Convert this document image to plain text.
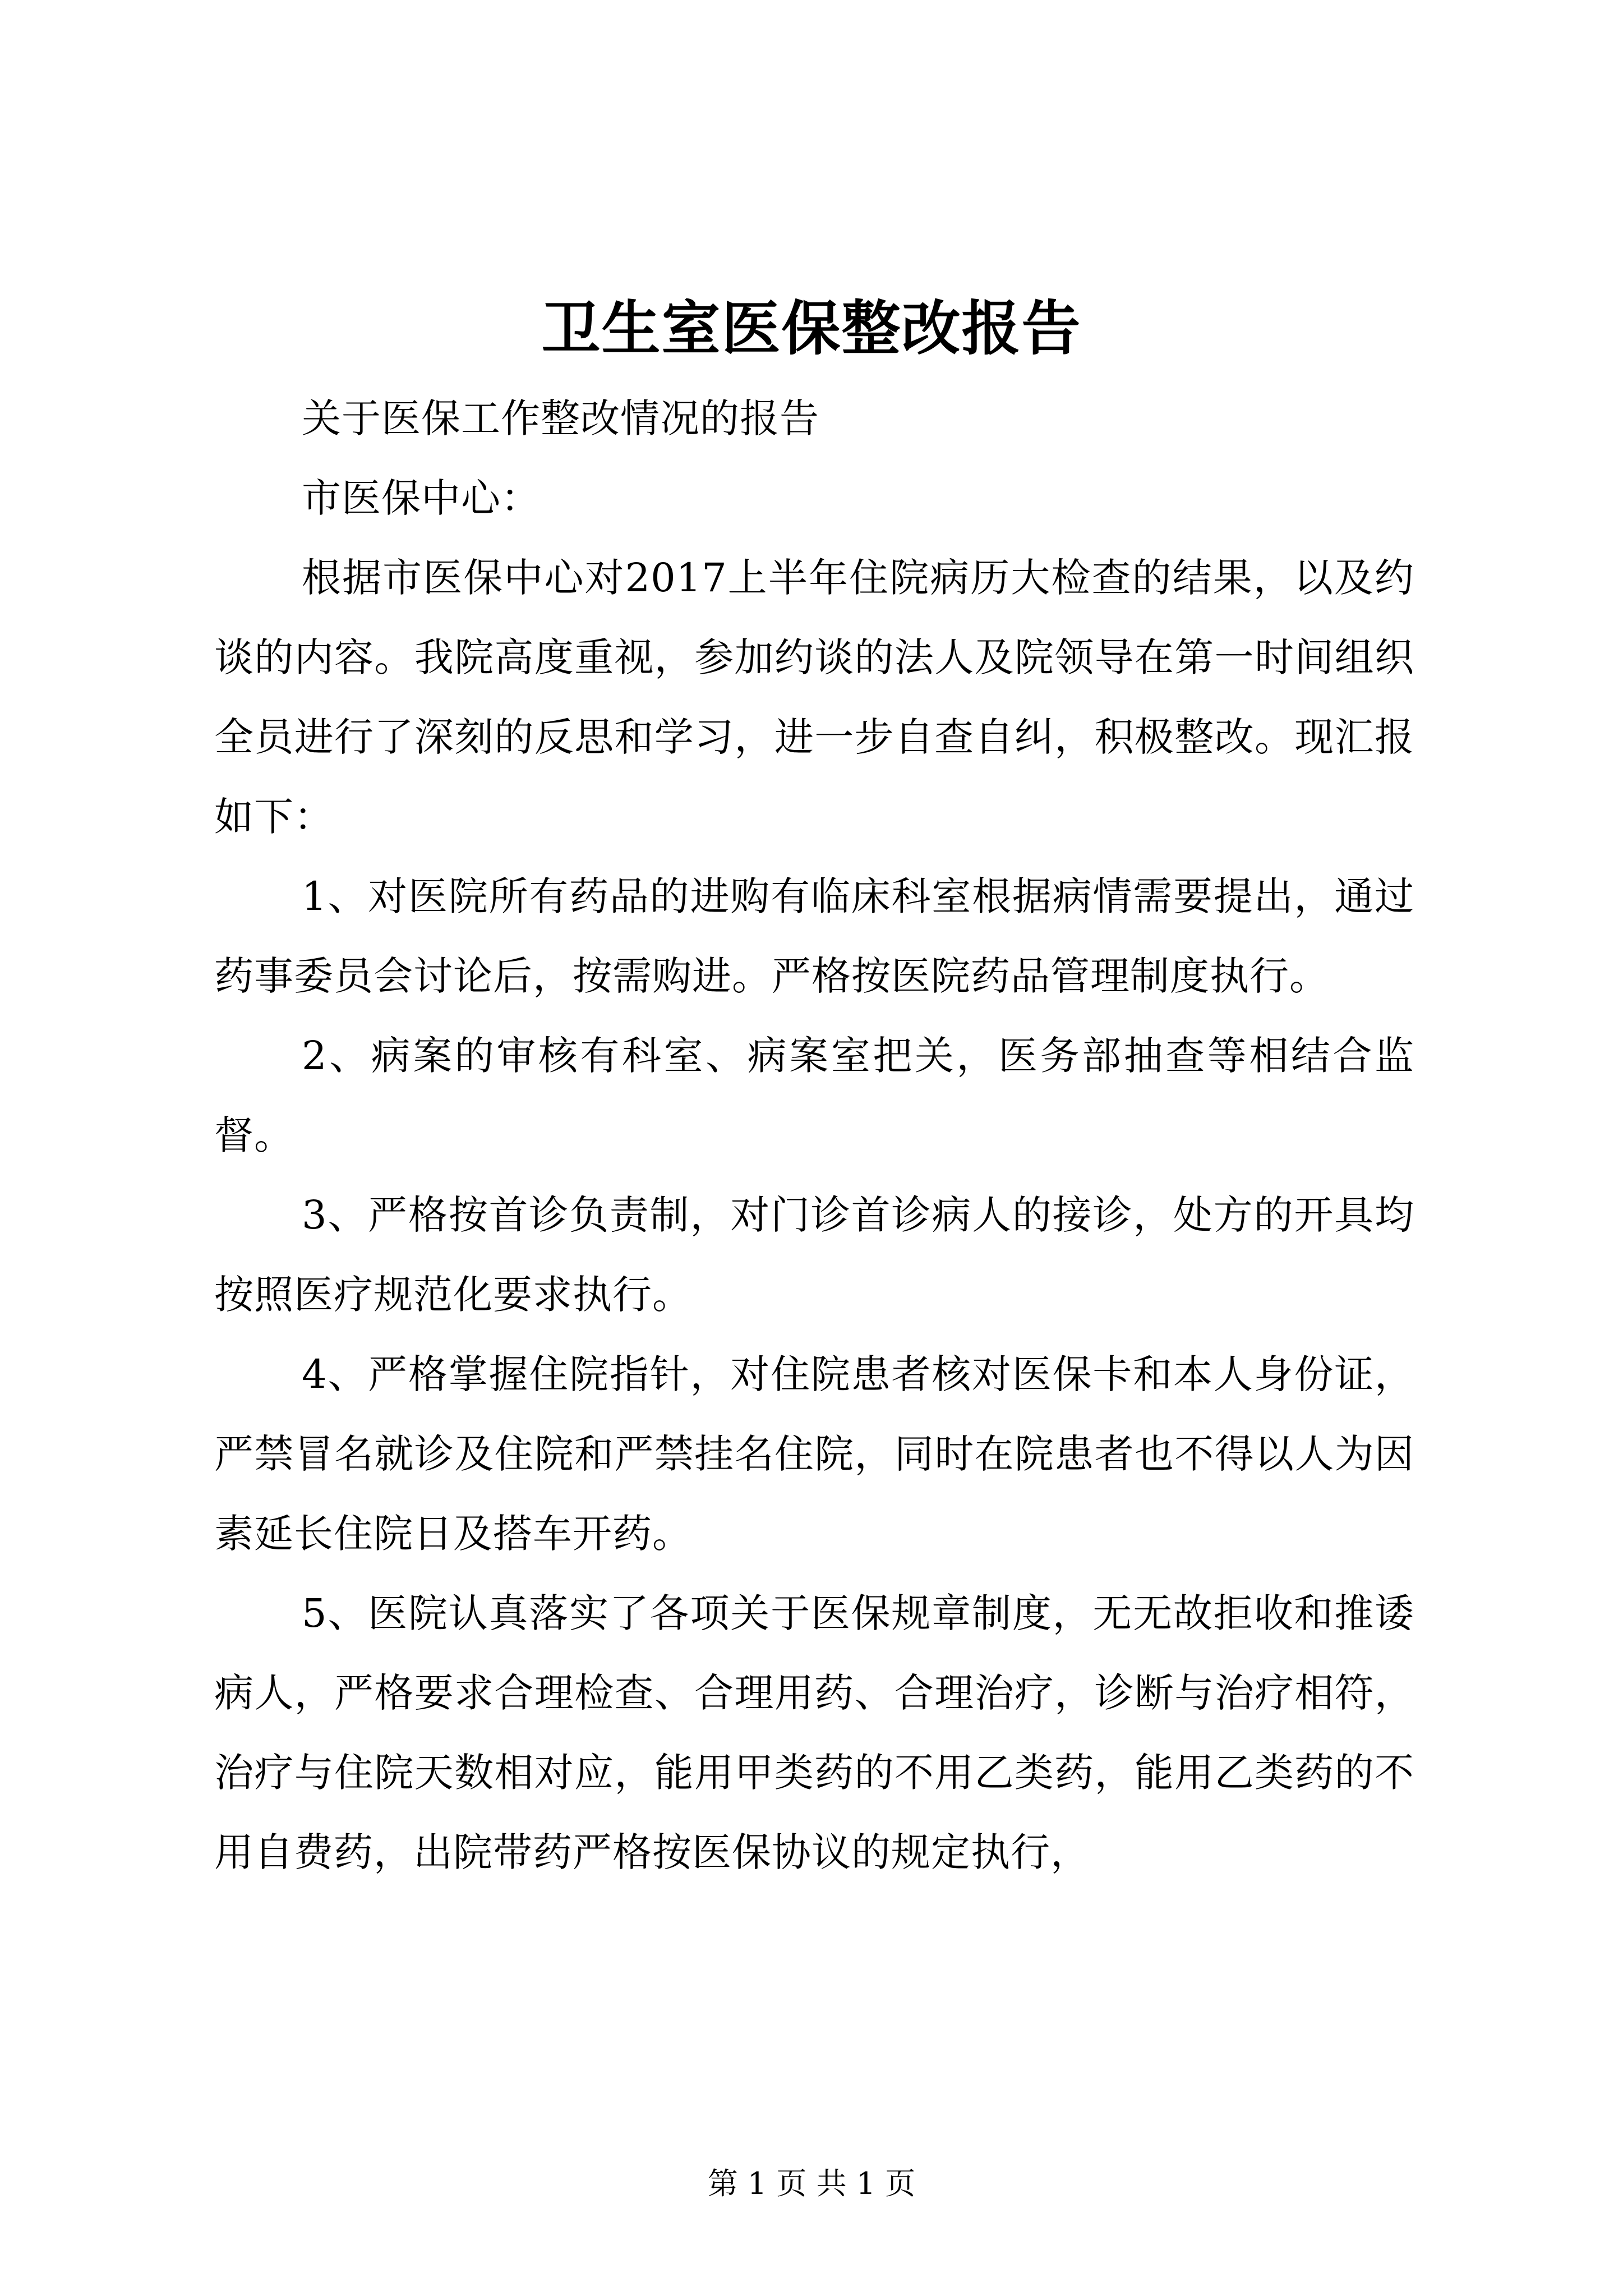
卫生室医保整改报告

关于医保工作整改情况的报告

市医保中心：

根据市医保中心对2017上半年住院病历大检查的结果，以及约谈的内容。我院高度重视，参加约谈的法人及院领导在第一时间组织全员进行了深刻的反思和学习，进一步自查自纠，积极整改。现汇报如下：

1、对医院所有药品的进购有临床科室根据病情需要提出，通过药事委员会讨论后，按需购进。严格按医院药品管理制度执行。

2、病案的审核有科室、病案室把关，医务部抽查等相结合监督。

3、严格按首诊负责制，对门诊首诊病人的接诊，处方的开具均按照医疗规范化要求执行。

4、严格掌握住院指针，对住院患者核对医保卡和本人身份证，严禁冒名就诊及住院和严禁挂名住院，同时在院患者也不得以人为因素延长住院日及搭车开药。

5、医院认真落实了各项关于医保规章制度，无无故拒收和推诿病人，严格要求合理检查、合理用药、合理治疗，诊断与治疗相符，治疗与住院天数相对应，能用甲类药的不用乙类药，能用乙类药的不用自费药，出院带药严格按医保协议的规定执行，

第 1 页 共 1 页
